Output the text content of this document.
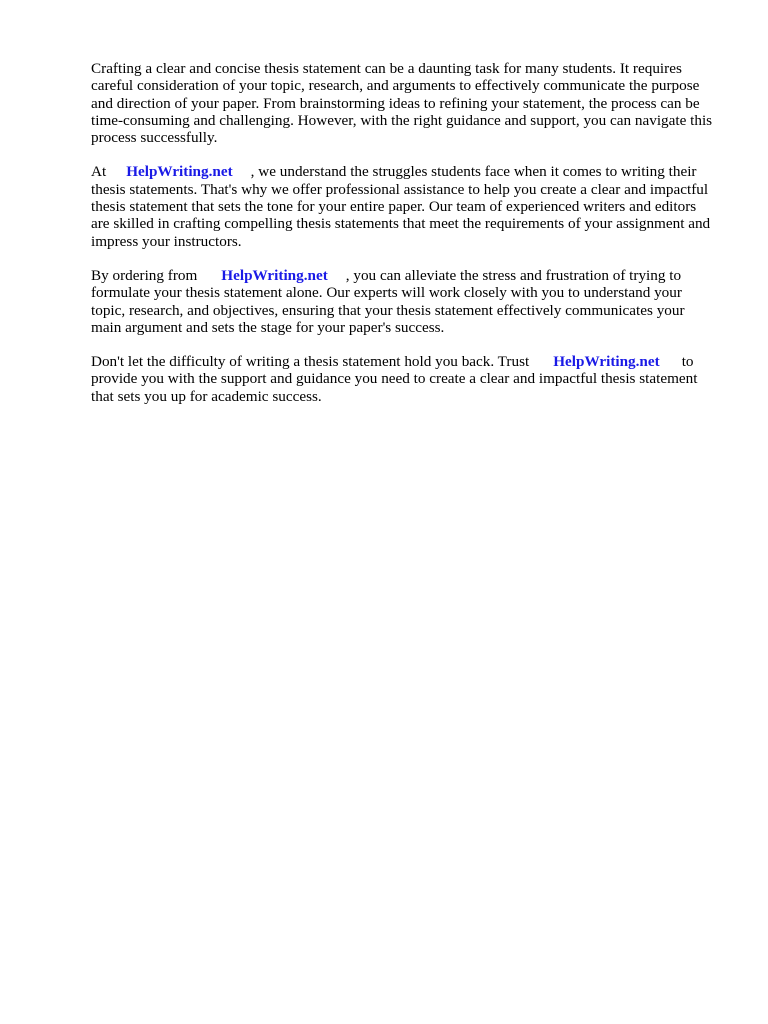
Crafting a clear and concise thesis statement can be a daunting task for many students. It requires careful consideration of your topic, research, and arguments to effectively communicate the purpose and direction of your paper. From brainstorming ideas to refining your statement, the process can be time-consuming and challenging. However, with the right guidance and support, you can navigate this process successfully.

At HelpWriting.net , we understand the struggles students face when it comes to writing their thesis statements. That's why we offer professional assistance to help you create a clear and impactful thesis statement that sets the tone for your entire paper. Our team of experienced writers and editors are skilled in crafting compelling thesis statements that meet the requirements of your assignment and impress your instructors.

By ordering from HelpWriting.net , you can alleviate the stress and frustration of trying to formulate your thesis statement alone. Our experts will work closely with you to understand your topic, research, and objectives, ensuring that your thesis statement effectively communicates your main argument and sets the stage for your paper's success.

Don't let the difficulty of writing a thesis statement hold you back. Trust HelpWriting.net to provide you with the support and guidance you need to create a clear and impactful thesis statement that sets you up for academic success.
